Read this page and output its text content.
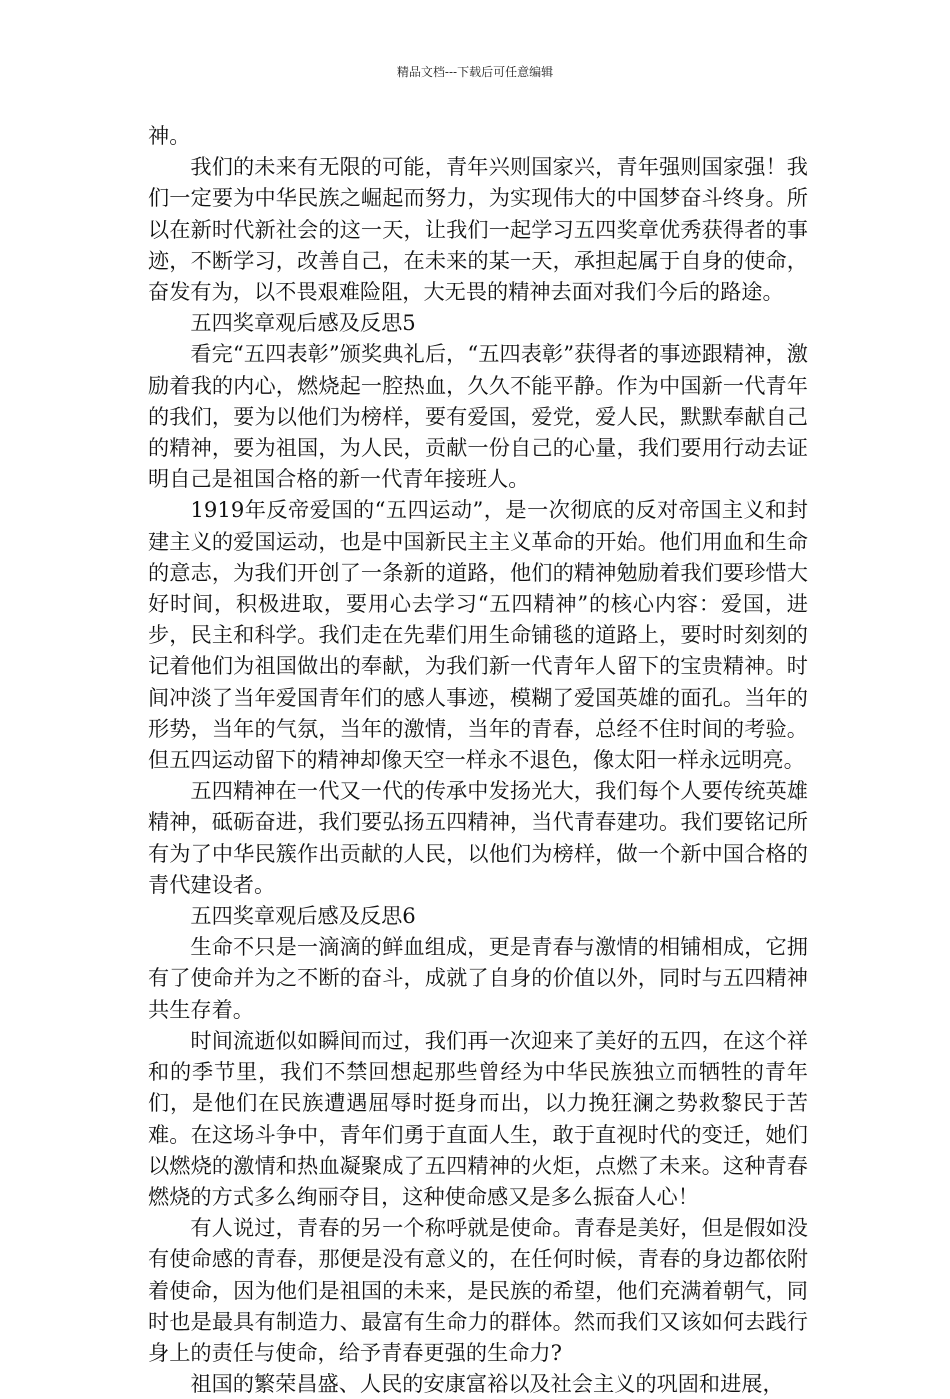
精品文档---下载后可任意编辑

神。

我们的未来有无限的可能，青年兴则国家兴，青年强则国家强！我们一定要为中华民族之崛起而努力，为实现伟大的中国梦奋斗终身。所以在新时代新社会的这一天，让我们一起学习五四奖章优秀获得者的事迹，不断学习，改善自己，在未来的某一天，承担起属于自身的使命，奋发有为，以不畏艰难险阻，大无畏的精神去面对我们今后的路途。

五四奖章观后感及反思5

看完“五四表彰”颁奖典礼后，“五四表彰”获得者的事迹跟精神，激励着我的内心，燃烧起一腔热血，久久不能平静。作为中国新一代青年的我们，要为以他们为榜样，要有爱国，爱党，爱人民，默默奉献自己的精神，要为祖国，为人民，贡献一份自己的心量，我们要用行动去证明自己是祖国合格的新一代青年接班人。

1919年反帝爱国的“五四运动”，是一次彻底的反对帝国主义和封建主义的爱国运动，也是中国新民主主义革命的开始。他们用血和生命的意志，为我们开创了一条新的道路，他们的精神勉励着我们要珍惜大好时间，积极进取，要用心去学习“五四精神”的核心内容：爱国，进步，民主和科学。我们走在先辈们用生命铺毯的道路上，要时时刻刻的记着他们为祖国做出的奉献，为我们新一代青年人留下的宝贵精神。时间冲淡了当年爱国青年们的感人事迹，模糊了爱国英雄的面孔。当年的形势，当年的气氛，当年的激情，当年的青春，总经不住时间的考验。但五四运动留下的精神却像天空一样永不退色，像太阳一样永远明亮。

五四精神在一代又一代的传承中发扬光大，我们每个人要传统英雄精神，砥砺奋进，我们要弘扬五四精神，当代青春建功。我们要铭记所有为了中华民簇作出贡献的人民，以他们为榜样，做一个新中国合格的青代建设者。

五四奖章观后感及反思6

生命不只是一滴滴的鲜血组成，更是青春与激情的相铺相成，它拥有了使命并为之不断的奋斗，成就了自身的价值以外，同时与五四精神共生存着。

时间流逝似如瞬间而过，我们再一次迎来了美好的五四，在这个祥和的季节里，我们不禁回想起那些曾经为中华民族独立而牺牲的青年们，是他们在民族遭遇屈辱时挺身而出，以力挽狂澜之势救黎民于苦难。在这场斗争中，青年们勇于直面人生，敢于直视时代的变迁，她们以燃烧的激情和热血凝聚成了五四精神的火炬，点燃了未来。这种青春燃烧的方式多么绚丽夺目，这种使命感又是多么振奋人心！

有人说过，青春的另一个称呼就是使命。青春是美好，但是假如没有使命感的青春，那便是没有意义的，在任何时候，青春的身边都依附着使命，因为他们是祖国的未来，是民族的希望，他们充满着朝气，同时也是最具有制造力、最富有生命力的群体。然而我们又该如何去践行身上的责任与使命，给予青春更强的生命力?

祖国的繁荣昌盛、人民的安康富裕以及社会主义的巩固和进展，
